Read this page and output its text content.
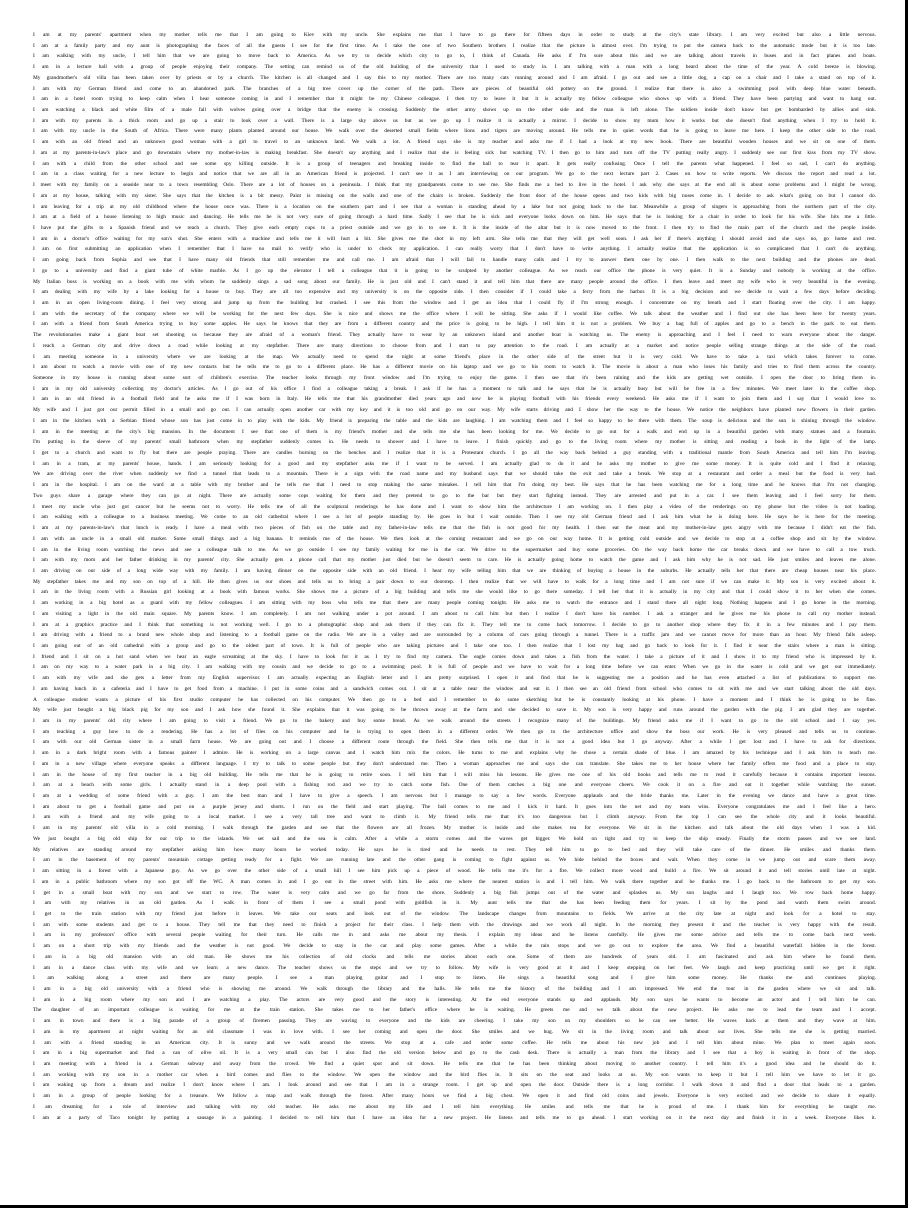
I am at my parents' apartment when my mother tells me that I am going to Kiev with my uncle. She explains me that I have to go there for fifteen days in order to study at the city's state library. I am very excited but also a little nervous.

I am at a family party and my aunt is photographing the faces of all the guests I see for the first time. As I take the one of two Southern brothers I realize that the picture is almost over. I'm trying to put the camera back to the automatic mode but it is too late.

I am walking with my uncle, I tell him that we are going to move back to America. As we try to decide which city to go to, I think of Canada. He asks if I'm sure about this and we are talking about travels in buses and in fact planes and boats.

I am in a lecture hall with a group of people enjoying their company. The setting can remind us of the old building of the university that I used to study in. I am talking with a man with a long beard about the time of the year. A cold breeze is blowing.

My grandmother's old villa has been taken over by priests or by a church. The kitchen is all changed and I say this to my mother. There are too many cats running around and I am afraid. I go out and see a little dog, a cap on a chair and I take a stand on top of it.

I am with my German friend and come to an abandoned park. The branches of a big tree cover up the corner of the path. There are pieces of beautiful old pottery on the ground. I realize that there is also a swimming pool with deep blue water beneath.

I am in a hotel room trying to keep calm when I hear someone coming in and I remember that it might be my Chinese colleague. I then try to leave it but it is actually my fellow colleague who shows up with a friend. They have been partying and want to hang out.

I am watching a black and white film of a male fall with wolves going over a bridge that the enemy is crossing. Suddenly the other army shows up on the other side and the man is left alone. The soldiers inside don't know but get bombarded by allies and sink.

I am with my parents in a thick room and go up a stair to look over a wall. There is a large sky above us but as we go up I realize it is actually a mirror. I decide to show my mum how it works but she doesn't find anything when I try to hold it.

I am with my uncle in the South of Africa. There were many plants planted around our house. We walk over the deserted small fields where lions and tigers are moving around. He tells me in quiet words that he is going to leave me here. I keep the other side to the road.

I am with an old friend and an unknown good woman with a girl to travel to an unknown land. We walk a lot. A friend says she is my teacher and asks me if I had a look at my new book. There are beautiful wooden houses and we sit on one of them.

I am at my parents-in-law's place and go downstairs where my mother-in-law is making breakfast. She doesn't say anything and I realize that she is feeling sick but watching TV. I then go to him and turn off the TV putting really angry. I suddenly see our first kiss from my TV show.

I am with a child from the other school and see some spy killing outside. It is a group of teenagers and breaking inside to find the ball to tear it apart. It gets really confusing. Once I tell the parents what happened. I feel so sad, I can't do anything.

I am in a class waiting for a new lecture to begin and notice that we are all in an American friend is projected. I can't see it as I am interviewing on our program. We go to the next lecture part 2. Cases on how to write reports. We discuss the report and read a lot.

I meet with my family on a seaside near to a town resembling Oslo. There are a lot of houses on a peninsula. I think that my grandparents come to see me. She finds me a bed to live in the hotel. I ask why she says at the end all is about some problems and I might be wrong.

I am at my house, talking with my sister. She says that the kitchen is a bit messy. Paint is missing on the walls and one of the chairs is broken. Suddenly the front door of the house opens and two kids with big noses come in. I decide to ask what's going on but I cannot do.

I am leaving for a trip at my old childhood where the house once was. There is a location on the southern part and I see that a woman is standing ahead by a lake but not going back to the bar. Meanwhile a group of singers is approaching from the northern part of the city.

I am at a field of a house listening to high music and dancing. He tells me he is not very sure of going through a hard time. Sadly I see that he is sick and everyone looks down on him. He says that he is looking for a chair in order to look for his wife. She hits me a little.

I have put the gifts to a Spanish friend and we reach a church. They give each empty cups to a priest outside and we go in to see it. It is the inside of the altar but it is now moved to the front. I then try to find the main part of the church and the people inside.

I am in a doctor's office waiting for my son's shot. She enters with a machine and tells me it will hurt a bit. She gives me the shot in my left arm. She tells me that they will get well soon. I ask her if there's anything I should avoid and she says no, go home and rest.

I am on first submitting an application when I remember that I have no mail to verify who is under to check my application. I can really worry that I don't have to write anything. I actually realize that the application is so complicated that I can't do anything.

I am going back from Sophia and see that I have many old friends that still remember me and call me. I am afraid that I will fail to handle many calls and I try to answer them one by one. I then walk to the next building and the phones are dead.

I go to a university and find a giant tube of white marble. As I go up the elevator I tell a colleague that it is going to be sculpted by another colleague. As we reach our office the phone is very quiet. It is a Sunday and nobody is working at the office.

My Italian boss is working on a book with me with whom he suddenly sings a sad song about our family. He is just old and I can't stand it and tell him that there are many people around the office. I then leave and meet my wife who is very beautiful in the evening.

I am dealing with my wife by a lake looking for a house to buy. They are all too expensive and my university is on the opposite side. I then consider if I could take a ferry from the harbor. It is a big decision and we decide to wait a few days before deciding.

I am in an open living-room dining. I feel very strong and jump up from the building but crashed. I see this from the window and I get an idea that I could fly if I'm strong enough. I concentrate on my breath and I start floating over the city. I am happy.

I am with the secretary of the company where we will be working for the next few days. She is nice and shows me the office where I will be sitting. She asks if I would like coffee. We talk about the weather and I find out she has been here for twenty years.

I am with a friend from South America trying to buy some apples. He says he knows that they are from a different country and the price is going to be high. I tell him it is not a problem. We buy a bag full of apples and go to a bench in the park to eat them.

The revolutionaries make a giant boat set shooting us because they are afraid of a woman's friend. They actually have to wear by an unknown island and another boat is watching us. The enemy is approaching and I feel I need to warn everyone about the danger.

I reach a German city and drive down a road while looking at my stepfather. There are many directions to choose from and I start to pay attention to the road. I am actually at a market and notice people selling strange things at the side of the road.

I am meeting someone in a university where we are looking at the map. We actually need to spend the night at some friend's place in the other side of the street but it is very cold. We have to take a taxi which takes forever to come.

I am about to watch a movie with one of my new contacts but he tells me to go to a different place. He has a different movie on his laptop and we go to his room to watch it. The movie is about a man who loses his family and tries to find them across the country.

Someone in my house is running about some sort of children's exercise. The teacher looks through my front window and I'm trying to enjoy the game. I then see that it's been raining and the kids are getting wet outside. I open the door to bring them in.

I am in my old university collecting my doctor's articles. As I go out of his office I find a colleague taking a break. I ask if he has a moment to talk and he says that he is actually busy but will be free in a few minutes. We meet later in the coffee shop.

I am in an old friend in a football field and he asks me if I was born in Italy. He tells me that his grandmother died years ago and now he is playing football with his friends every weekend. He asks me if I want to join them and I say that I would love to.

My wife and I just got our permit filled in a small and go out. I can actually open another car with my key and it is too old and go on our way. My wife starts driving and I show her the way to the house. We notice the neighbors have planted new flowers in their garden.

I am in the kitchen with a Serbian friend whose son has just come in to play with the kids. My friend is preparing the table and the kids are laughing. I am watching them and I feel so happy to be there with them. The soup is delicious and the sun is shining through the window.

I am in the meeting at the city's big mansion. In the document I see that one of them is my friend's mother and she tells me she has been looking for me. We decide to go out for a walk and end up in a beautiful garden with many statues and a fountain.

I'm putting in the sleeve of my parents' small bathroom when my stepfather suddenly comes in. He needs to shower and I have to leave. I finish quickly and go to the living room where my mother is sitting and reading a book in the light of the lamp.

I get to a church and want to fly but there are people praying. There are candles burning on the benches and I realize that it is a Protestant church. I go all the way back behind a guy standing with a traditional mantle from South America and tell him I'm leaving.

I am in a tram, at my parents' house, hands. I am seriously looking for a good and my stepfather asks me if I want to be served. I am actually glad to do it and he asks my mother to give me some money. It is quite cold and I find it relaxing.

We are driving over the river when suddenly we find a tunnel that leads to a mountain. There is a sign with the road name and my husband says that we should take the exit and take a break. We stop at a restaurant and order a meal but the food is very bad.

I am in the hospital. I am on the ward at a table with my brother and he tells me that I need to stop making the same mistakes. I tell him that I'm doing my best. He says that he has been watching me for a long time and he knows that I'm not changing.

Two guys share a garage where they can go at night. There are actually some cops waiting for them and they pretend to go to the bar but they start fighting instead. They are arrested and put in a car. I see them leaving and I feel sorry for them.

I meet my uncle who just got cancer but he seems not to worry. He tells me of all the sculptural renderings he has done and I want to show him the architecture I am working on. I then play a video of the renderings on my phone but the video is not loading.

I am walking with a colleague to a business meeting. We come to an old cathedral where I see a lot of people standing by. He goes in but I wait outside. Then I see my old German friend and I ask him what he is doing here. He says he is here for the meeting.

I am at my parents-in-law's that lunch is ready. I have a meal with two pieces of fish on the table and my father-in-law tells me that the fish is not good for my health. I then eat the meat and my mother-in-law gets angry with me because I didn't eat the fish.

I am with an uncle in a small old market. Some small things and a big banana. It reminds me of the house. We then look at the coming restaurant and we go on our way home. It is getting cold outside and we decide to stop at a coffee shop and sit by the window.

I am in the living room watching the news and see a colleague talk to me. As we go outside I see my family waiting for me in the car. We drive to the supermarket and buy some groceries. On the way back home the car breaks down and we have to call a tow truck.

I am with my mom and her father drinking in my parents' city. She actually gets a phone call that my mother just died but he doesn't seem to care. He is actually going home to watch the game and I ask him why he is not sad. He just smiles and leaves me alone.

I am driving on our side of a long wide way with my family. I am having dinner on the opposite side with an old friend. I hear my wife telling him that we are thinking of buying a house in the suburbs. He actually tells her that there are cheap houses near his place.

My stepfather takes me and my son on top of a hill. He then gives us our shoes and tells us to bring a pair down to our doorstep. I then realize that we will have to walk for a long time and I am not sure if we can make it. My son is very excited about it.

I am in the living room with a Russian girl looking at a book with famous works. She shows me a picture of a big building and tells me she would like to go there someday. I tell her that it is actually in my city and that I could show it to her when she comes.

I am working in a big hotel as a guard with my fellow colleagues. I am sitting with my boss who tells me that there are many people coming tonight. He asks me to watch the entrance and I stand there all night long. Nothing happens and I go home in the morning.

I am visiting a light in the old main square. My parents know. I am completely. I am not walking under a pot around. I am about to call him but then I realize I don't have his number. I ask a stranger and he gives me his phone to call my mother instead.

I am at a graphics practice and I think that something is not working well. I go to a photographic shop and ask them if they can fix it. They tell me to come back tomorrow. I decide to go to another shop where they fix it in a few minutes and I pay them.

I am driving with a friend to a brand new whole shop and listening to a football game on the radio. We are in a valley and are surrounded by a column of cars going through a tunnel. There is a traffic jam and we cannot move for more than an hour. My friend falls asleep.

I am going out of an old cathedral with a group and go to the oldest part of town. It is full of people who are taking pictures and I take one too. I then realize that I lost my bag and go back to look for it. I find it near the stairs where a man is sitting.

I friend and I sit on a hot sand when we hear an eagle screaming at the sky. I have to look for it as I try to find my camera. The eagle comes down and takes a fish from the water. I take a picture of it and I show it to my friend who is impressed by it.

I am on my way to a water park in a big city. I am walking with my cousin and we decide to go to a swimming pool. It is full of people and we have to wait for a long time before we can enter. When we go in the water is cold and we get out immediately.

I am with my wife and she gets a letter from my English supervisor. I am actually expecting an English letter and I am pretty surprised. I open it and find that he is suggesting me a position and he has even attached a list of publications to support me.

I am having lunch in a cafeteria and I have to get food from a machine. I put in some coins and a sandwich comes out. I sit at a table near the window and eat it. I then see an old friend from school who comes to sit with me and we start talking about the old days.

A colleague student wants a picture of his first studio computer he has collected on his computer. We then go to a bed and I remember to do some sketching but he is constantly looking at his phone. I have a moment and I think he is going to be fine.

My wife just bought a big black pig for my son and I ask how she found it. She explains that it was going to be thrown away at the farm and she decided to save it. My son is very happy and runs around the garden with the pig. I am glad they are together.

I am in my parents' old city where I am going to visit a friend. We go to the bakery and buy some bread. As we walk around the streets I recognize many of the buildings. My friend asks me if I want to go to the old school and I say yes.

I am teaching a guy how to do a rendering. He has a lot of files on his computer and he is trying to open them in a different order. We then go to the architecture office and show the boss our work. He is very pleased and tells us to continue.

I am with our old German sister in a small farm house. We are going out and I choose a different route through the field. She then tells me that it is not a good idea but I go anyway. After a while I get lost and I have to ask for directions.

I am in a dark bright room with a famous painter I admire. He is working on a large canvas and I watch him mix the colors. He turns to me and explains why he chose a certain shade of blue. I am amazed by his technique and I ask him to teach me.

I am in a new village where everyone speaks a different language. I try to talk to some people but they don't understand me. Then a woman approaches me and says she can translate. She takes me to her house where her family offers me food and a place to stay.

I am in the house of my first teacher in a big old building. He tells me that he is going to retire soon. I tell him that I will miss his lessons. He gives me one of his old books and tells me to read it carefully because it contains important lessons.

I am at a beach with some girls. I actually stand in a deep pool with a fishing rod and we try to catch some fish. One of them catches a big one and everyone cheers. We cook it on a fire and eat it together while watching the sunset.

I am at a wedding of some friend with a guy. I am the best man and I have to give a speech. I am nervous but I manage to say a few words. Everyone applauds and the bride thanks me. Later in the evening we dance and have a great time.

I am about to get a football game and put on a purple jersey and shorts. I run on the field and start playing. The ball comes to me and I kick it hard. It goes into the net and my team wins. Everyone congratulates me and I feel like a hero.

I am with a friend and my wife going to a local market. I see a very tall tree and want to climb it. My friend tells me that it's too dangerous but I climb anyway. From the top I can see the whole city and it looks beautiful.

I am in my parents' old villa in a cold morning. I walk through the garden and see that the flowers are all frozen. My mother is inside and she makes tea for everyone. We sit in the kitchen and talk about the old days when I was a kid.

We just bought a big old ship for our trip to the islands. We set sail and the sea is calm. After a while a storm comes and the waves get bigger. We hold on tight and try to keep the ship steady. Finally the storm passes and we see land.

My relatives are standing around my stepfather asking him how many hours he worked today. He says he is tired and he needs to rest. They tell him to go to bed and they will take care of the dinner. He smiles and thanks them.

I am in the basement of my parents' mountain cottage getting ready for a fight. We are running late and the other gang is coming to fight against us. We hide behind the boxes and wait. When they come in we jump out and scare them away.

I am sitting in a forest with a Japanese guy. As we go over the other side of a small hill I see him pick up a piece of wood. He tells me it's for a fire. We collect more wood and build a fire. We sit around it and tell stories until late at night.

I am in a public bathroom where my son got off the WC. A man comes in and I go out in the street with him. He asks me where the nearest station is and I tell him. We walk there together and he thanks me. I go back to the bathroom to get my son.

I get in a small boat with my son and we start to row. The water is very calm and we go far from the shore. Suddenly a big fish jumps out of the water and splashes us. My son laughs and I laugh too. We row back home happy.

I am with my relatives in an old garden. As I walk in front of them I see a small pond with goldfish in it. My aunt tells me that she has been feeding them for years. I sit by the pond and watch them swim around.

I get to the train station with my friend just before it leaves. We take our seats and look out of the window. The landscape changes from mountains to fields. We arrive at the city late at night and look for a hotel to stay.

I am with some students and get to a house. They tell me that they need to finish a project for their class. I help them with the drawings and we work all night. In the morning they present it and the teacher is very happy with the result.

I am in my professors' office with several people waiting for their turn. He calls me in and asks me about my thesis. I explain my ideas and he listens carefully. He gives me some advice and tells me to come back next week.

I am on a short trip with my friends and the weather is not good. We decide to stay in the car and play some games. After a while the rain stops and we go out to explore the area. We find a beautiful waterfall hidden in the forest.

I am in a big old mansion with an old man. He shows me his collection of old clocks and tells me stories about each one. Some of them are hundreds of years old. I am fascinated and ask him where he found them.

I am in a dance class with my wife and we learn a new dance. The teacher shows us the steps and we try to follow. My wife is very good at it and I keep stepping on her feet. We laugh and keep practicing until we get it right.

I am walking along a street and there are many people. I see a man playing guitar and I stop to listen. He sings a beautiful song and I give him some money. He thanks me and continues playing.

I am in a big old university with a friend who is showing me around. We walk through the library and the halls. He tells me the history of the building and I am impressed. We end the tour in the garden where we sit and talk.

I am in a big room where my son and I are watching a play. The actors are very good and the story is interesting. At the end everyone stands up and applauds. My son says he wants to become an actor and I tell him he can.

The daughter of an important colleague is waiting for me at the train station. She takes me to her father's office where he is waiting. He greets me and we talk about the new project. He asks me to lead the team and I accept.

I am in town and there is a big parade of a group of firemen passing. They are waving to everyone and the kids are cheering. I take my son on my shoulders so he can see better. He waves back at them and they wave at him.

I am in my apartment at night waiting for an old classmate I was in love with. I see her coming and open the door. She smiles and we hug. We sit in the living room and talk about our lives. She tells me she is getting married.

I am with a friend standing in an American city. It is sunny and we walk around the streets. We stop at a cafe and order some coffee. He tells me about his new job and I tell him about mine. We plan to meet again soon.

I am in a big supermarket and find a can of olive oil. It is a very small can but I also find the old version below and go to the cash desk. There is actually a man from the library and I see that a boy is waiting in front of the shop.

I am meeting with a friend in a German subway and away from the crowd. We find a quiet spot and sit down. He tells me that he has been thinking about moving to another country. I tell him it's a good idea and he should do it.

I am working with my son in a mother car when a bird comes and flies to the window. We open the window and the bird flies in. It sits on the seat and looks at us. My son wants to keep it but I tell him we have to let it go.

I am waking up from a dream and realize I don't know where I am. I look around and see that I am in a strange room. I get up and open the door. Outside there is a long corridor. I walk down it and find a door that leads to a garden.

I am in a group of people looking for a treasure. We follow a map and walk through the forest. After many hours we find a big chest. We open it and find old coins and jewels. Everyone is very excited and we decide to share it equally.

I am dreaming for a role of interview and talking with my old teacher. He asks me about my life and I tell him everything. He smiles and tells me that he is proud of me. I thank him for everything he taught me.

I am at a party of Taco tonight by putting a sausage in a painting. I decided to tell him that I have an idea for a new project. He listens and tells me to go ahead. I start working on it the next day and finish it in a week. Everyone likes it.
